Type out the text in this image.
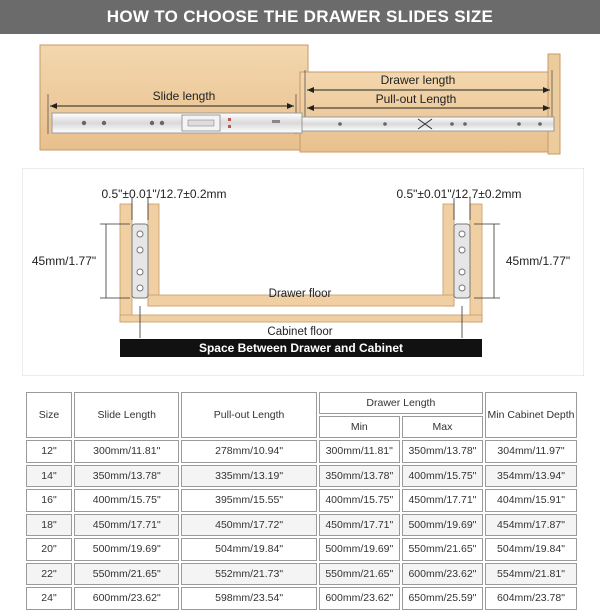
HOW TO CHOOSE THE DRAWER SLIDES SIZE
Slide length
Drawer length
Pull-out Length
0.5"±0.01"/12.7±0.2mm	0.5"±0.01"/12.7±0.2mm
45mm/1.77"	45mm/1.77"
Drawer floor
Cabinet floor
Space Between Drawer and Cabinet
Size	Slide Length	Pull-out Length	Drawer Length		Min Cabinet Depth
			Min	Max	
12"	300mm/11.81"	278mm/10.94"	300mm/11.81"	350mm/13.78"	304mm/11.97"
14"	350mm/13.78"	335mm/13.19"	350mm/13.78"	400mm/15.75"	354mm/13.94"
16"	400mm/15.75"	395mm/15.55"	400mm/15.75"	450mm/17.71"	404mm/15.91"
18"	450mm/17.71"	450mm/17.72"	450mm/17.71"	500mm/19.69"	454mm/17.87"
20"	500mm/19.69"	504mm/19.84"	500mm/19.69"	550mm/21.65"	504mm/19.84"
22"	550mm/21.65"	552mm/21.73"	550mm/21.65"	600mm/23.62"	554mm/21.81"
24"	600mm/23.62"	598mm/23.54"	600mm/23.62"	650mm/25.59"	604mm/23.78"
